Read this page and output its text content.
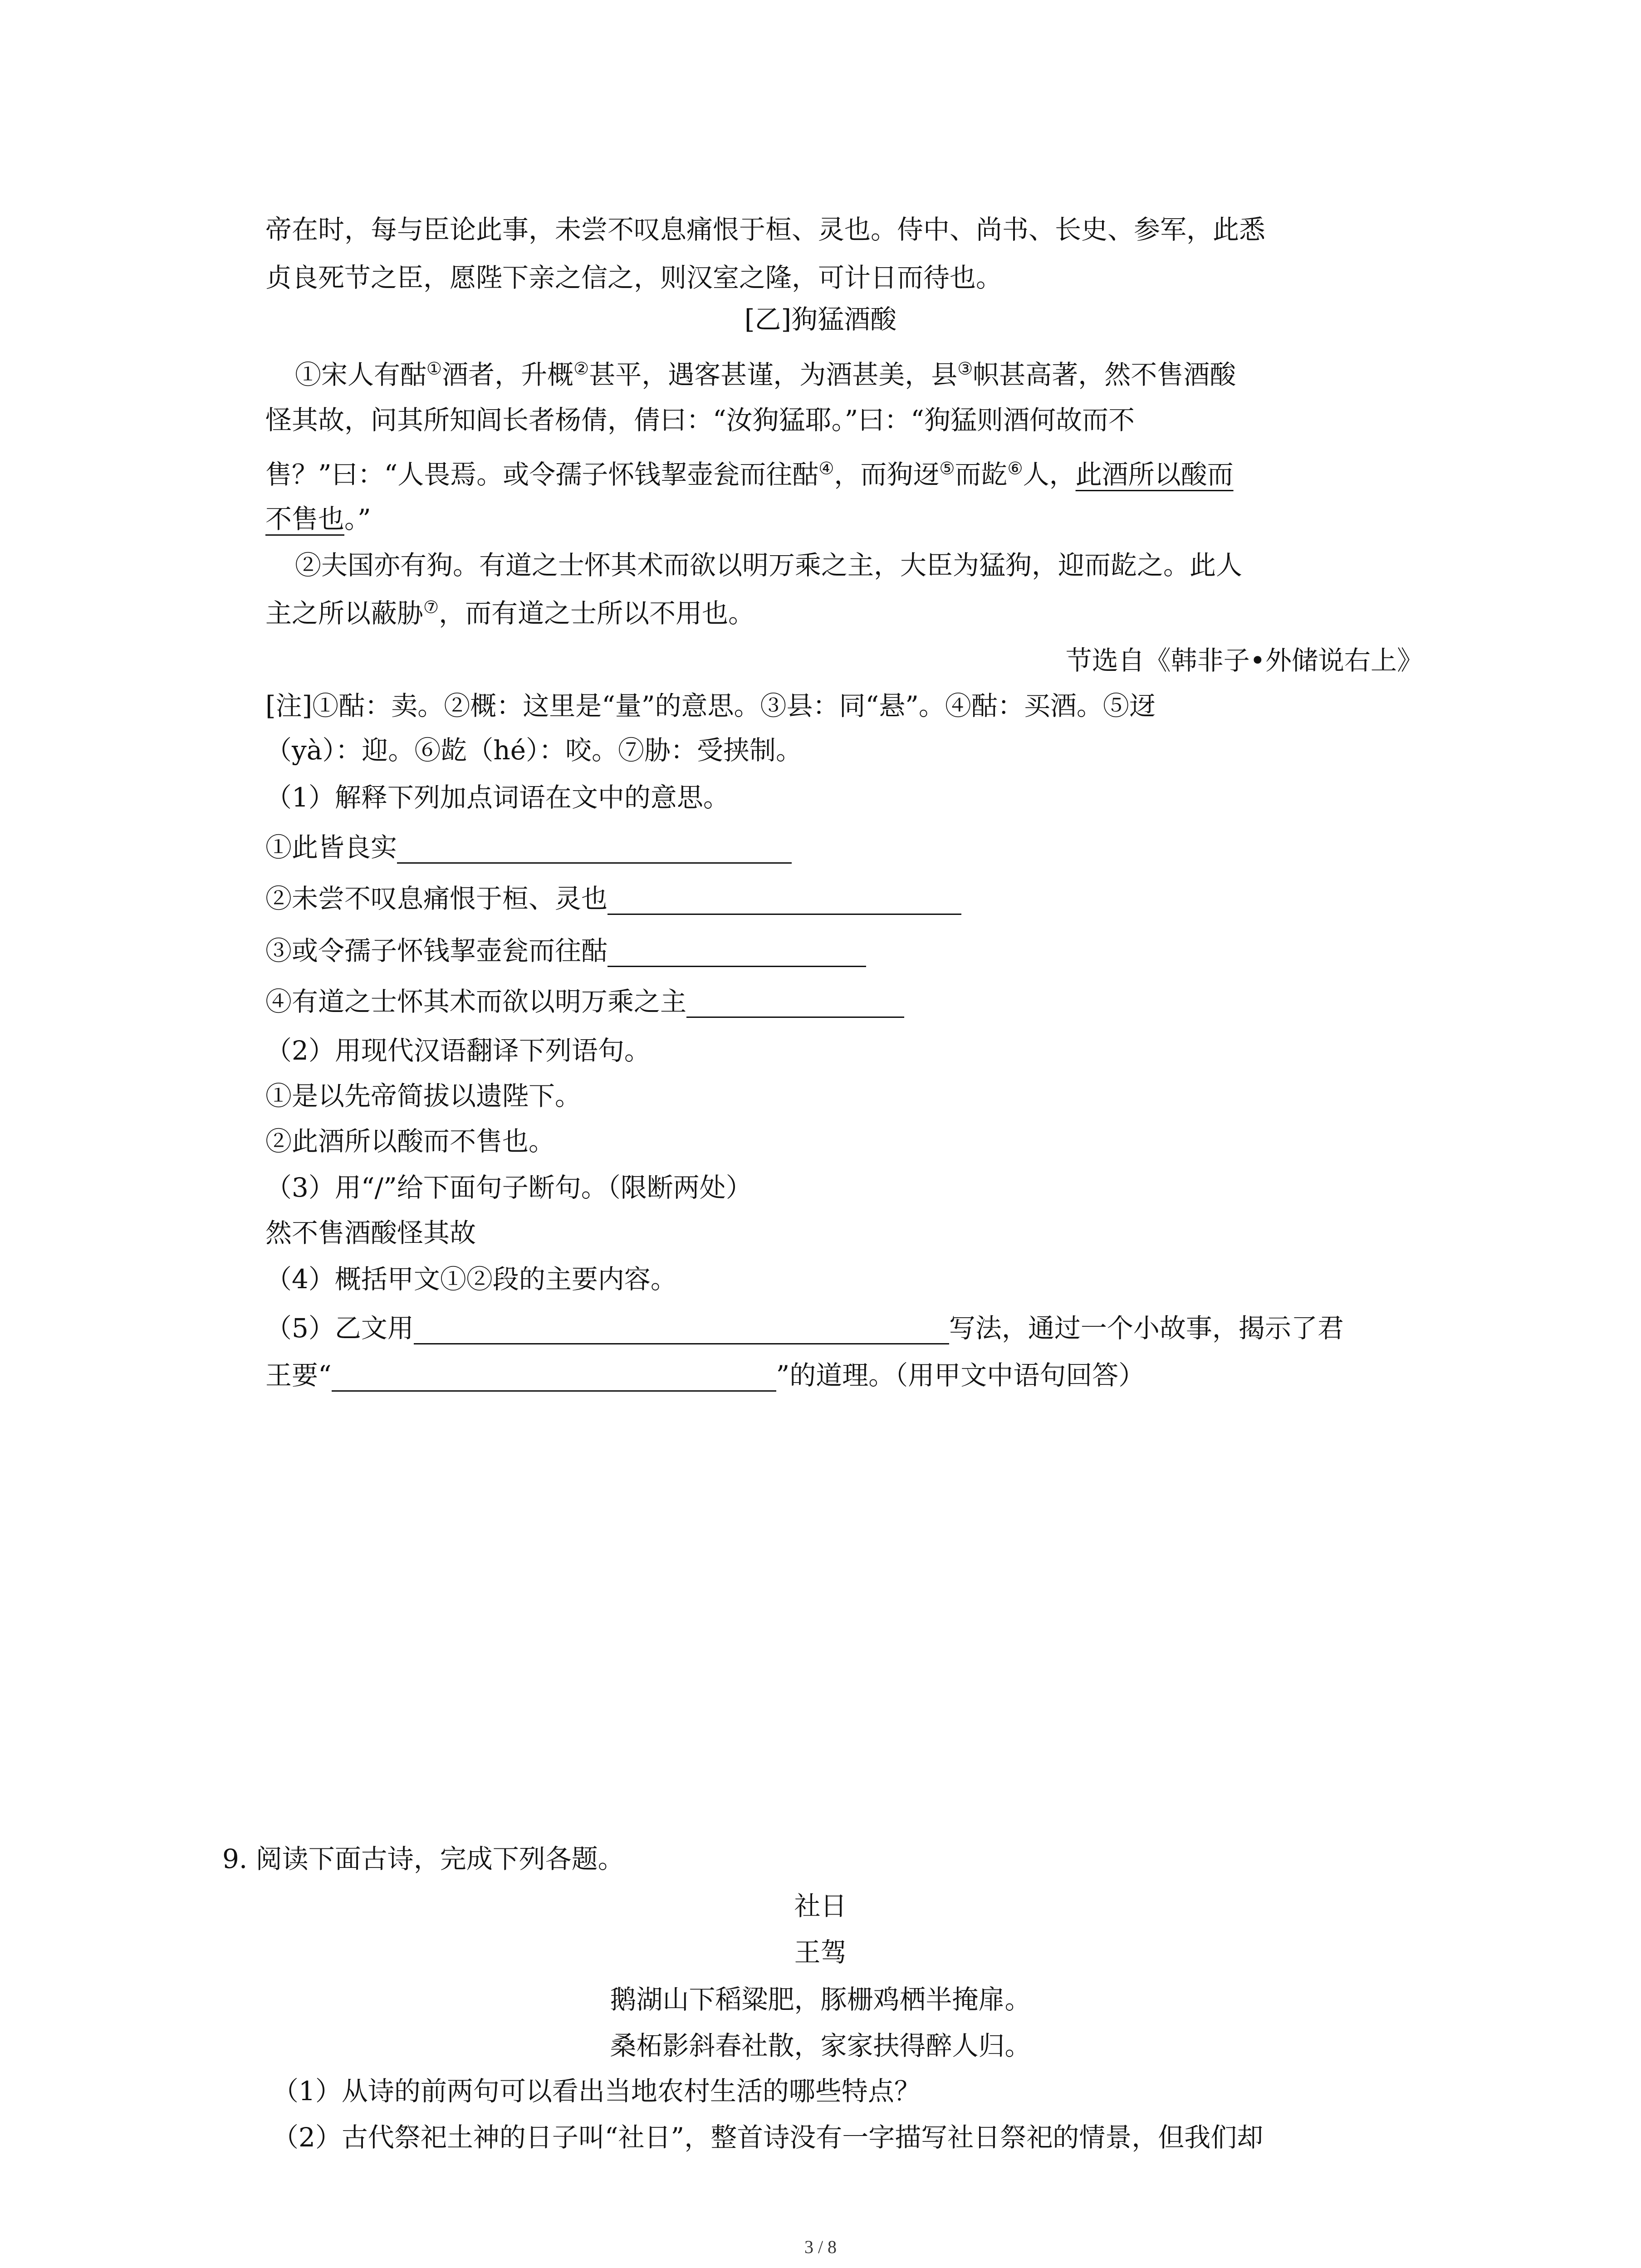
帝在时，每与臣论此事，未尝不叹息痛恨于桓、灵也。侍中、尚书、长史、参军，此悉
贞良死节之臣，愿陛下亲之信之，则汉室之隆，可计日而待也。
[乙]狗猛酒酸
①宋人有酤①酒者，升概②甚平，遇客甚谨，为酒甚美，县③帜甚高著，然不售酒酸
怪其故，问其所知闾长者杨倩，倩曰：“汝狗猛耶。”曰：“狗猛则酒何故而不
售？”曰：“人畏焉。或令孺子怀钱挈壶瓮而往酤④，而狗迓⑤而龁⑥人，此酒所以酸而
不售也。”
②夫国亦有狗。有道之士怀其术而欲以明万乘之主，大臣为猛狗，迎而龁之。此人
主之所以蔽胁⑦，而有道之士所以不用也。
节选自《韩非子•外储说右上》
[注]①酤：卖。②概：这里是“量”的意思。③县：同“悬”。④酤：买酒。⑤迓
（yà）：迎。⑥龁（hé）：咬。⑦胁：受挟制。
（1）解释下列加点词语在文中的意思。
①此皆良实
②未尝不叹息痛恨于桓、灵也
③或令孺子怀钱挈壶瓮而往酤
④有道之士怀其术而欲以明万乘之主
（2）用现代汉语翻译下列语句。
①是以先帝简拔以遗陛下。
②此酒所以酸而不售也。
（3）用“/”给下面句子断句。（限断两处）
然不售酒酸怪其故
（4）概括甲文①②段的主要内容。
（5）乙文用	写法，通过一个小故事，揭示了君
王要“	”的道理。（用甲文中语句回答）
9. 阅读下面古诗，完成下列各题。
社日
王驾
鹅湖山下稻粱肥，豚栅鸡栖半掩扉。
桑柘影斜春社散，家家扶得醉人归。
（1）从诗的前两句可以看出当地农村生活的哪些特点？
（2）古代祭祀土神的日子叫“社日”，整首诗没有一字描写社日祭祀的情景，但我们却
3 / 8
